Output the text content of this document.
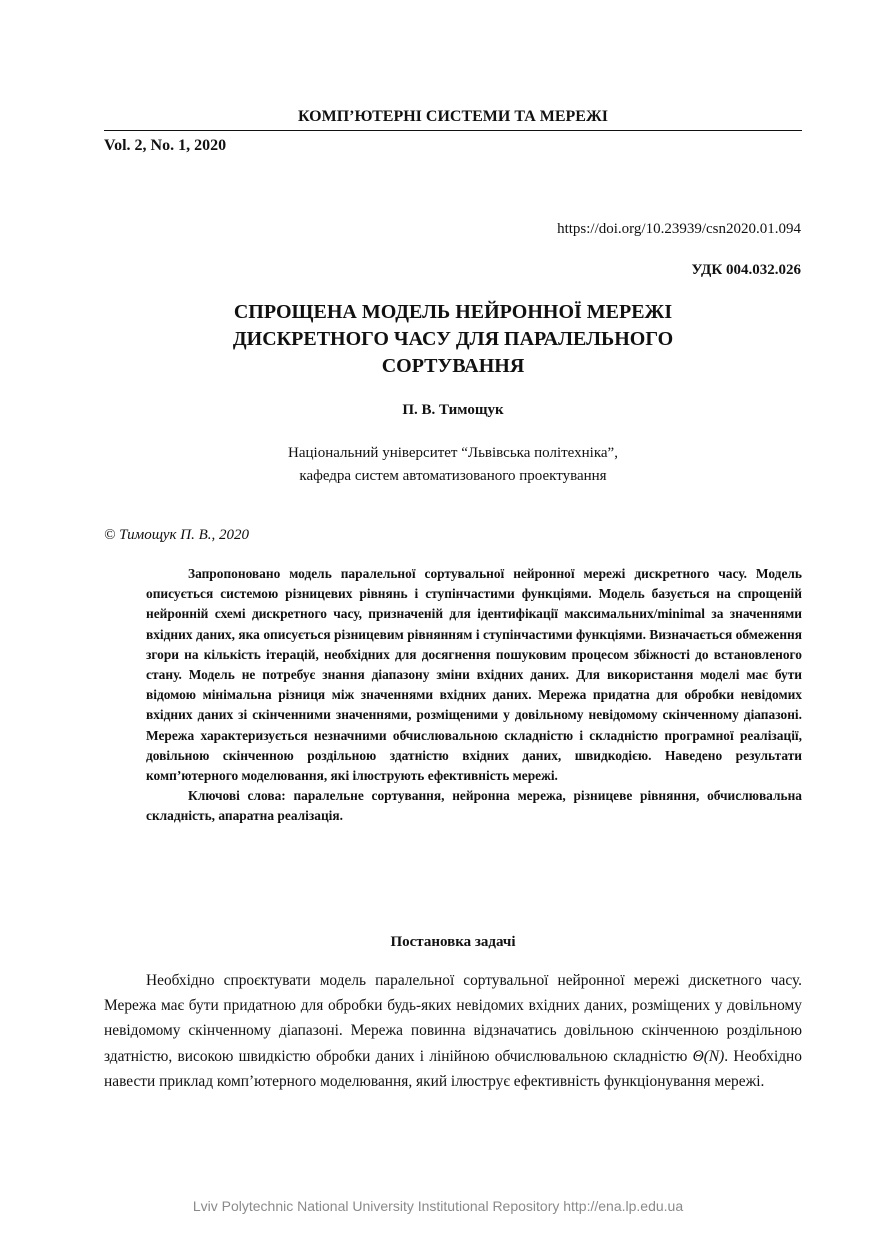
КОМП’ЮТЕРНІ СИСТЕМИ ТА МЕРЕЖІ
Vol. 2, No. 1, 2020
https://doi.org/10.23939/csn2020.01.094
УДК 004.032.026
СПРОЩЕНА МОДЕЛЬ НЕЙРОННОЇ МЕРЕЖІ
ДИСКРЕТНОГО ЧАСУ ДЛЯ ПАРАЛЕЛЬНОГО
СОРТУВАННЯ
П. В. Тимощук
Національний університет “Львівська політехніка”,
кафедра систем автоматизованого проектування
© Тимощук П. В., 2020

Запропоновано модель паралельної сортувальної нейронної мережі дискретного часу. Модель описується системою різницевих рівнянь і ступінчастими функціями. Модель базується на спрощеній нейронній схемі дискретного часу, призначеній для ідентифікації максимальних/minimal за значеннями вхідних даних, яка описується різницевим рівнянням і ступінчастими функціями. Визначається обмеження згори на кількість ітерацій, необхідних для досягнення пошуковим процесом збіжності до встановленого стану. Модель не потребує знання діапазону зміни вхідних даних. Для використання моделі має бути відомою мінімальна різниця між значеннями вхідних даних. Мережа придатна для обробки невідомих вхідних даних зі скінченними значеннями, розміщеними у довільному невідомому скінченному діапазоні. Мережа характеризується незначними обчислювальною складністю і складністю програмної реалізації, довільною скінченною роздільною здатністю вхідних даних, швидкодією. Наведено результати комп’ютерного моделювання, які ілюструють ефективність мережі.

Ключові слова: паралельне сортування, нейронна мережа, різницеве рівняння, обчислювальна складність, апаратна реалізація.

Постановка задачі

Необхідно спроєктувати модель паралельної сортувальної нейронної мережі дискетного часу. Мережа має бути придатною для обробки будь-яких невідомих вхідних даних, розміщених у довільному невідомому скінченному діапазоні. Мережа повинна відзначатись довільною скінченною роздільною здатністю, високою швидкістю обробки даних і лінійною обчислювальною складністю Θ(N). Необхідно навести приклад комп’ютерного моделювання, який ілюструє ефективність функціонування мережі.

Lviv Polytechnic National University Institutional Repository http://ena.lp.edu.ua
